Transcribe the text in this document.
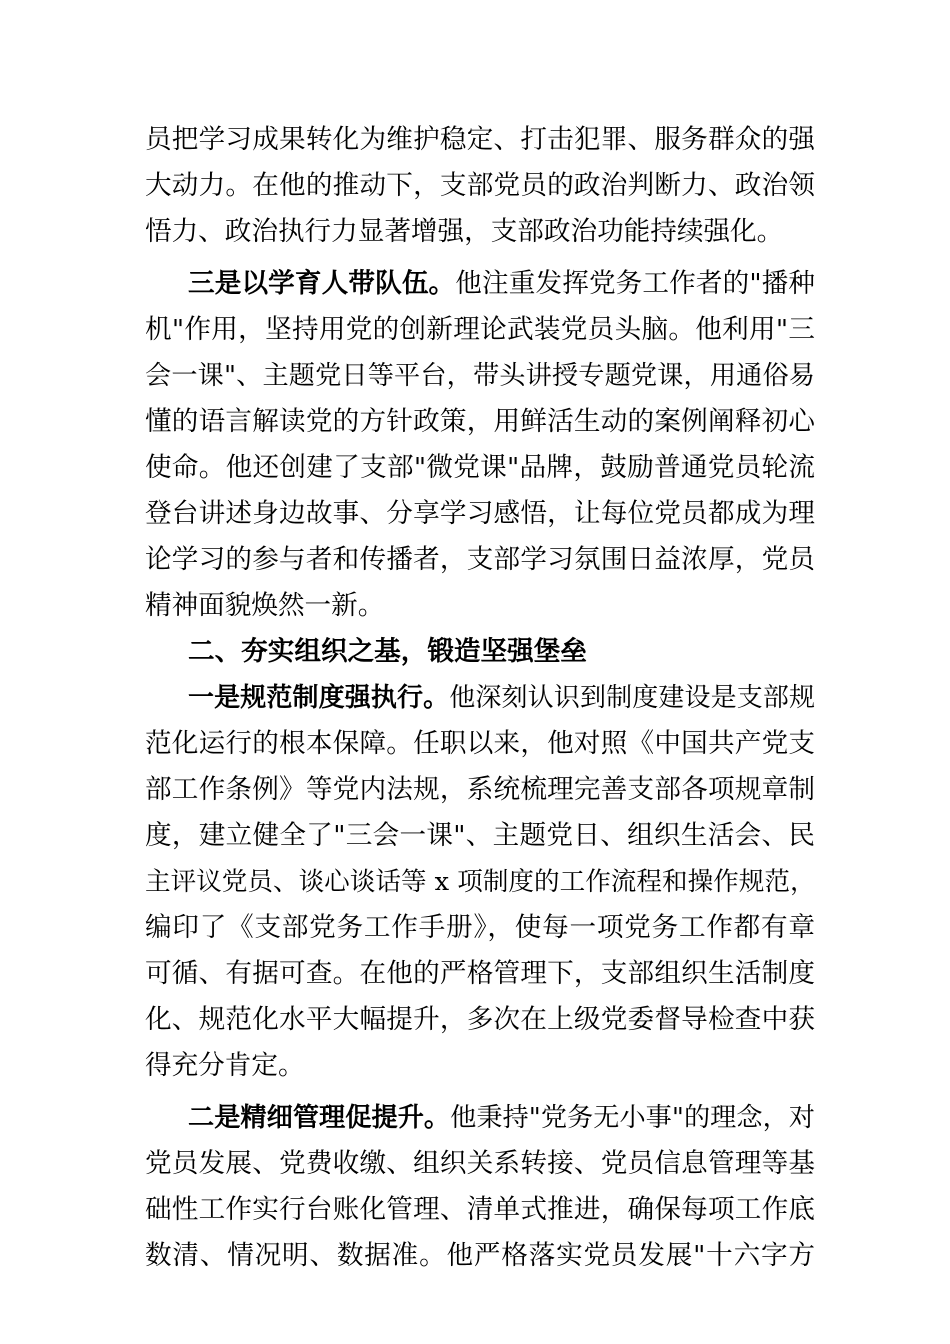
员把学习成果转化为维护稳定、打击犯罪、服务群众的强
大动力。在他的推动下，支部党员的政治判断力、政治领
悟力、政治执行力显著增强，支部政治功能持续强化。
三是以学育人带队伍。他注重发挥党务工作者的"播种
机"作用，坚持用党的创新理论武装党员头脑。他利用"三
会一课"、主题党日等平台，带头讲授专题党课，用通俗易
懂的语言解读党的方针政策，用鲜活生动的案例阐释初心
使命。他还创建了支部"微党课"品牌，鼓励普通党员轮流
登台讲述身边故事、分享学习感悟，让每位党员都成为理
论学习的参与者和传播者，支部学习氛围日益浓厚，党员
精神面貌焕然一新。
二、夯实组织之基，锻造坚强堡垒
一是规范制度强执行。他深刻认识到制度建设是支部规
范化运行的根本保障。任职以来，他对照《中国共产党支
部工作条例》等党内法规，系统梳理完善支部各项规章制
度，建立健全了"三会一课"、主题党日、组织生活会、民
主评议党员、谈心谈话等 x 项制度的工作流程和操作规范，
编印了《支部党务工作手册》，使每一项党务工作都有章
可循、有据可查。在他的严格管理下，支部组织生活制度
化、规范化水平大幅提升，多次在上级党委督导检查中获
得充分肯定。
二是精细管理促提升。他秉持"党务无小事"的理念，对
党员发展、党费收缴、组织关系转接、党员信息管理等基
础性工作实行台账化管理、清单式推进，确保每项工作底
数清、情况明、数据准。他严格落实党员发展"十六字方
